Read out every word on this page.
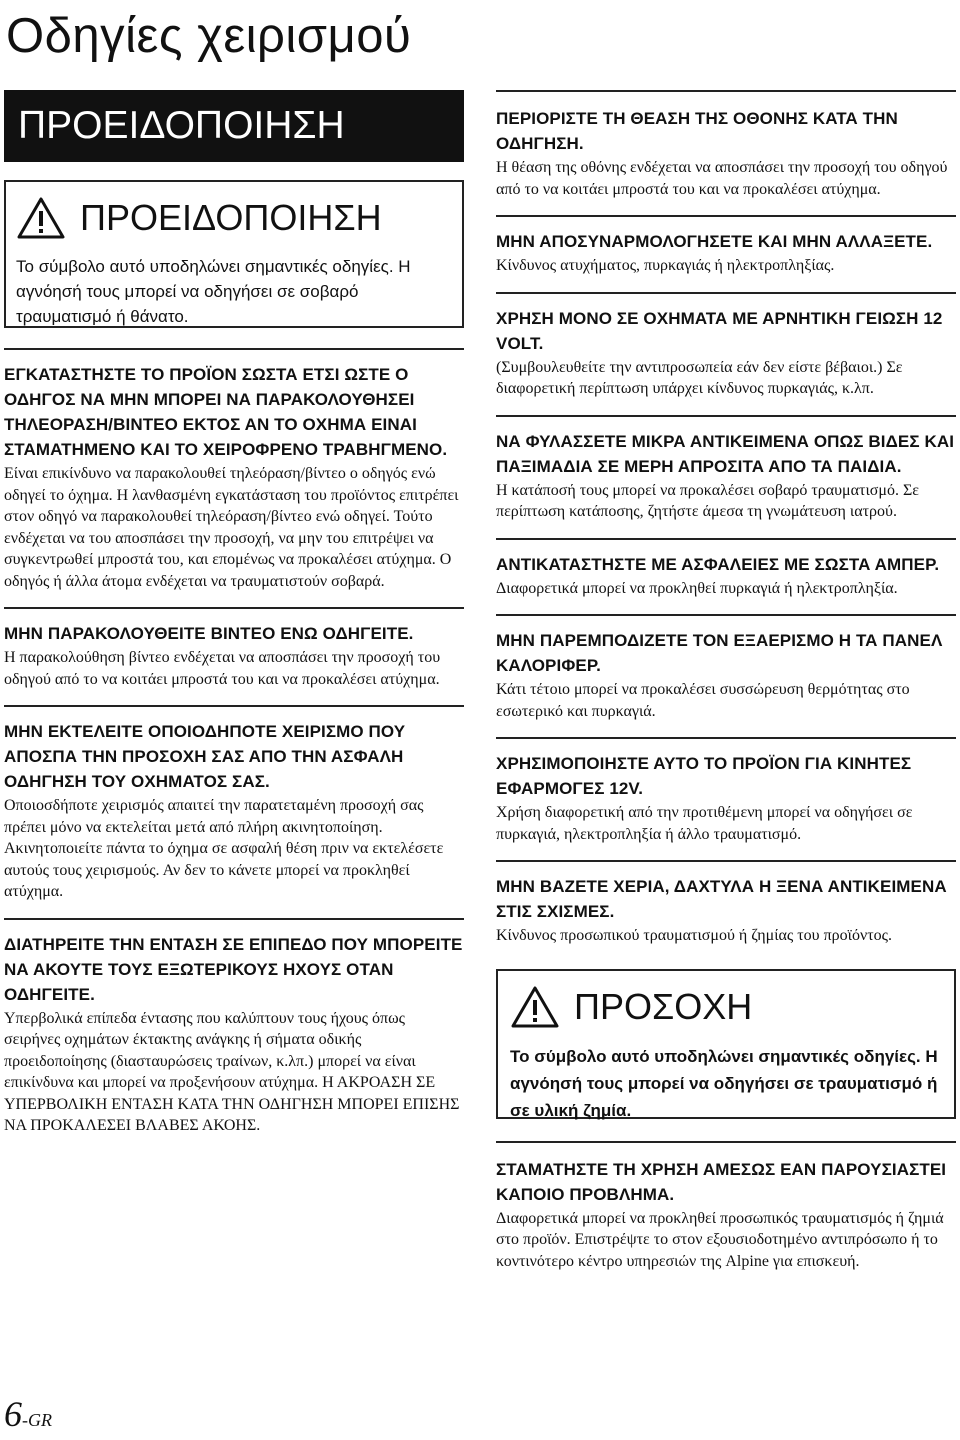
Οδηγίες χειρισμού
ΠΡΟΕΙΔΟΠΟΙΗΣΗ
ΠΡΟΕΙΔΟΠΟΙΗΣΗ
Το σύμβολο αυτό υποδηλώνει σημαντικές οδηγίες. Η αγνόησή τους μπορεί να οδηγήσει σε σοβαρό τραυματισμό ή θάνατο.
ΕΓΚΑΤΑΣΤΗΣΤΕ ΤΟ ΠΡΟΪΟΝ ΣΩΣΤΑ ΕΤΣΙ ΩΣΤΕ Ο ΟΔΗΓΟΣ ΝΑ ΜΗΝ ΜΠΟΡΕΙ ΝΑ ΠΑΡΑΚΟΛΟΥΘΗΣΕΙ ΤΗΛΕΟΡΑΣΗ/ΒΙΝΤΕΟ ΕΚΤΟΣ ΑΝ ΤΟ ΟΧΗΜΑ ΕΙΝΑΙ ΣΤΑΜΑΤΗΜΕΝΟ ΚΑΙ ΤΟ ΧΕΙΡΟΦΡΕΝΟ ΤΡΑΒΗΓΜΕΝΟ.
Είναι επικίνδυνο να παρακολουθεί τηλεόραση/βίντεο ο οδηγός ενώ οδηγεί το όχημα. Η λανθασμένη εγκατάσταση του προϊόντος επιτρέπει στον οδηγό να παρακολουθεί τηλεόραση/βίντεο ενώ οδηγεί. Τούτο ενδέχεται να του αποσπάσει την προσοχή, να μην του επιτρέψει να συγκεντρωθεί μπροστά του, και επομένως να προκαλέσει ατύχημα. Ο οδηγός ή άλλα άτομα ενδέχεται να τραυματιστούν σοβαρά.
ΜΗΝ ΠΑΡΑΚΟΛΟΥΘΕΙΤΕ ΒΙΝΤΕΟ ΕΝΩ ΟΔΗΓΕΙΤΕ.
Η παρακολούθηση βίντεο ενδέχεται να αποσπάσει την προσοχή του οδηγού από το να κοιτάει μπροστά του και να προκαλέσει ατύχημα.
ΜΗΝ ΕΚΤΕΛΕΙΤΕ ΟΠΟΙΟΔΗΠΟΤΕ ΧΕΙΡΙΣΜΟ ΠΟΥ ΑΠΟΣΠΑ ΤΗΝ ΠΡΟΣΟΧΗ ΣΑΣ ΑΠΟ ΤΗΝ ΑΣΦΑΛΗ ΟΔΗΓΗΣΗ ΤΟΥ ΟΧΗΜΑΤΟΣ ΣΑΣ.
Οποιοσδήποτε χειρισμός απαιτεί την παρατεταμένη προσοχή σας πρέπει μόνο να εκτελείται μετά από πλήρη ακινητοποίηση. Ακινητοποιείτε πάντα το όχημα σε ασφαλή θέση πριν να εκτελέσετε αυτούς τους χειρισμούς. Αν δεν το κάνετε μπορεί να προκληθεί ατύχημα.
ΔΙΑΤΗΡΕΙΤΕ ΤΗΝ ΕΝΤΑΣΗ ΣΕ ΕΠΙΠΕΔΟ ΠΟΥ ΜΠΟΡΕΙΤΕ ΝΑ ΑΚΟΥΤΕ ΤΟΥΣ ΕΞΩΤΕΡΙΚΟΥΣ ΗΧΟΥΣ ΟΤΑΝ ΟΔΗΓΕΙΤΕ.
Υπερβολικά επίπεδα έντασης που καλύπτουν τους ήχους όπως σειρήνες οχημάτων έκτακτης ανάγκης ή σήματα οδικής προειδοποίησης (διασταυρώσεις τραίνων, κ.λπ.) μπορεί να είναι επικίνδυνα και μπορεί να προξενήσουν ατύχημα. Η ΑΚΡΟΑΣΗ ΣΕ ΥΠΕΡΒΟΛΙΚΗ ΕΝΤΑΣΗ ΚΑΤΑ ΤΗΝ ΟΔΗΓΗΣΗ ΜΠΟΡΕΙ ΕΠΙΣΗΣ ΝΑ ΠΡΟΚΑΛΕΣΕΙ ΒΛΑΒΕΣ ΑΚΟΗΣ.
ΠΕΡΙΟΡΙΣΤΕ ΤΗ ΘΕΑΣΗ ΤΗΣ ΟΘΟΝΗΣ ΚΑΤΑ ΤΗΝ ΟΔΗΓΗΣΗ.
Η θέαση της οθόνης ενδέχεται να αποσπάσει την προσοχή του οδηγού από το να κοιτάει μπροστά του και να προκαλέσει ατύχημα.
ΜΗΝ ΑΠΟΣΥΝΑΡΜΟΛΟΓΗΣΕΤΕ ΚΑΙ ΜΗΝ ΑΛΛΑΞΕΤΕ.
Κίνδυνος ατυχήματος, πυρκαγιάς ή ηλεκτροπληξίας.
ΧΡΗΣΗ ΜΟΝΟ ΣΕ ΟΧΗΜΑΤΑ ΜΕ ΑΡΝΗΤΙΚΗ ΓΕΙΩΣΗ 12 VOLT.
(Συμβουλευθείτε την αντιπροσωπεία εάν δεν είστε βέβαιοι.) Σε διαφορετική περίπτωση υπάρχει κίνδυνος πυρκαγιάς, κ.λπ.
ΝΑ ΦΥΛΑΣΣΕΤΕ ΜΙΚΡΑ ΑΝΤΙΚΕΙΜΕΝΑ ΟΠΩΣ ΒΙΔΕΣ ΚΑΙ ΠΑΞΙΜΑΔΙΑ ΣΕ ΜΕΡΗ ΑΠΡΟΣΙΤΑ ΑΠΟ ΤΑ ΠΑΙΔΙΑ.
Η κατάποσή τους μπορεί να προκαλέσει σοβαρό τραυματισμό. Σε περίπτωση κατάποσης, ζητήστε άμεσα τη γνωμάτευση ιατρού.
ΑΝΤΙΚΑΤΑΣΤΗΣΤΕ ΜΕ ΑΣΦΑΛΕΙΕΣ ΜΕ ΣΩΣΤΑ ΑΜΠΕΡ.
Διαφορετικά μπορεί να προκληθεί πυρκαγιά ή ηλεκτροπληξία.
ΜΗΝ ΠΑΡΕΜΠΟΔΙΖΕΤΕ ΤΟΝ ΕΞΑΕΡΙΣΜΟ Η ΤΑ ΠΑΝΕΛ ΚΑΛΟΡΙΦΕΡ.
Κάτι τέτοιο μπορεί να προκαλέσει συσσώρευση θερμότητας στο εσωτερικό και πυρκαγιά.
ΧΡΗΣΙΜΟΠΟΙΗΣΤΕ ΑΥΤΟ ΤΟ ΠΡΟΪΟΝ ΓΙΑ ΚΙΝΗΤΕΣ ΕΦΑΡΜΟΓΕΣ 12V.
Χρήση διαφορετική από την προτιθέμενη μπορεί να οδηγήσει σε πυρκαγιά, ηλεκτροπληξία ή άλλο τραυματισμό.
ΜΗΝ ΒΑΖΕΤΕ ΧΕΡΙΑ, ΔΑΧΤΥΛΑ Η ΞΕΝΑ ΑΝΤΙΚΕΙΜΕΝΑ ΣΤΙΣ ΣΧΙΣΜΕΣ.
Κίνδυνος προσωπικού τραυματισμού ή ζημίας του προϊόντος.
ΠΡΟΣΟΧΗ
Το σύμβολο αυτό υποδηλώνει σημαντικές οδηγίες. Η αγνόησή τους μπορεί να οδηγήσει σε τραυματισμό ή σε υλική ζημία.
ΣΤΑΜΑΤΗΣΤΕ ΤΗ ΧΡΗΣΗ ΑΜΕΣΩΣ ΕΑΝ ΠΑΡΟΥΣΙΑΣΤΕΙ ΚΑΠΟΙΟ ΠΡΟΒΛΗΜΑ.
Διαφορετικά μπορεί να προκληθεί προσωπικός τραυματισμός ή ζημιά στο προϊόν. Επιστρέψτε το στον εξουσιοδοτημένο αντιπρόσωπο ή το κοντινότερο κέντρο υπηρεσιών της Alpine για επισκευή.
6-GR
